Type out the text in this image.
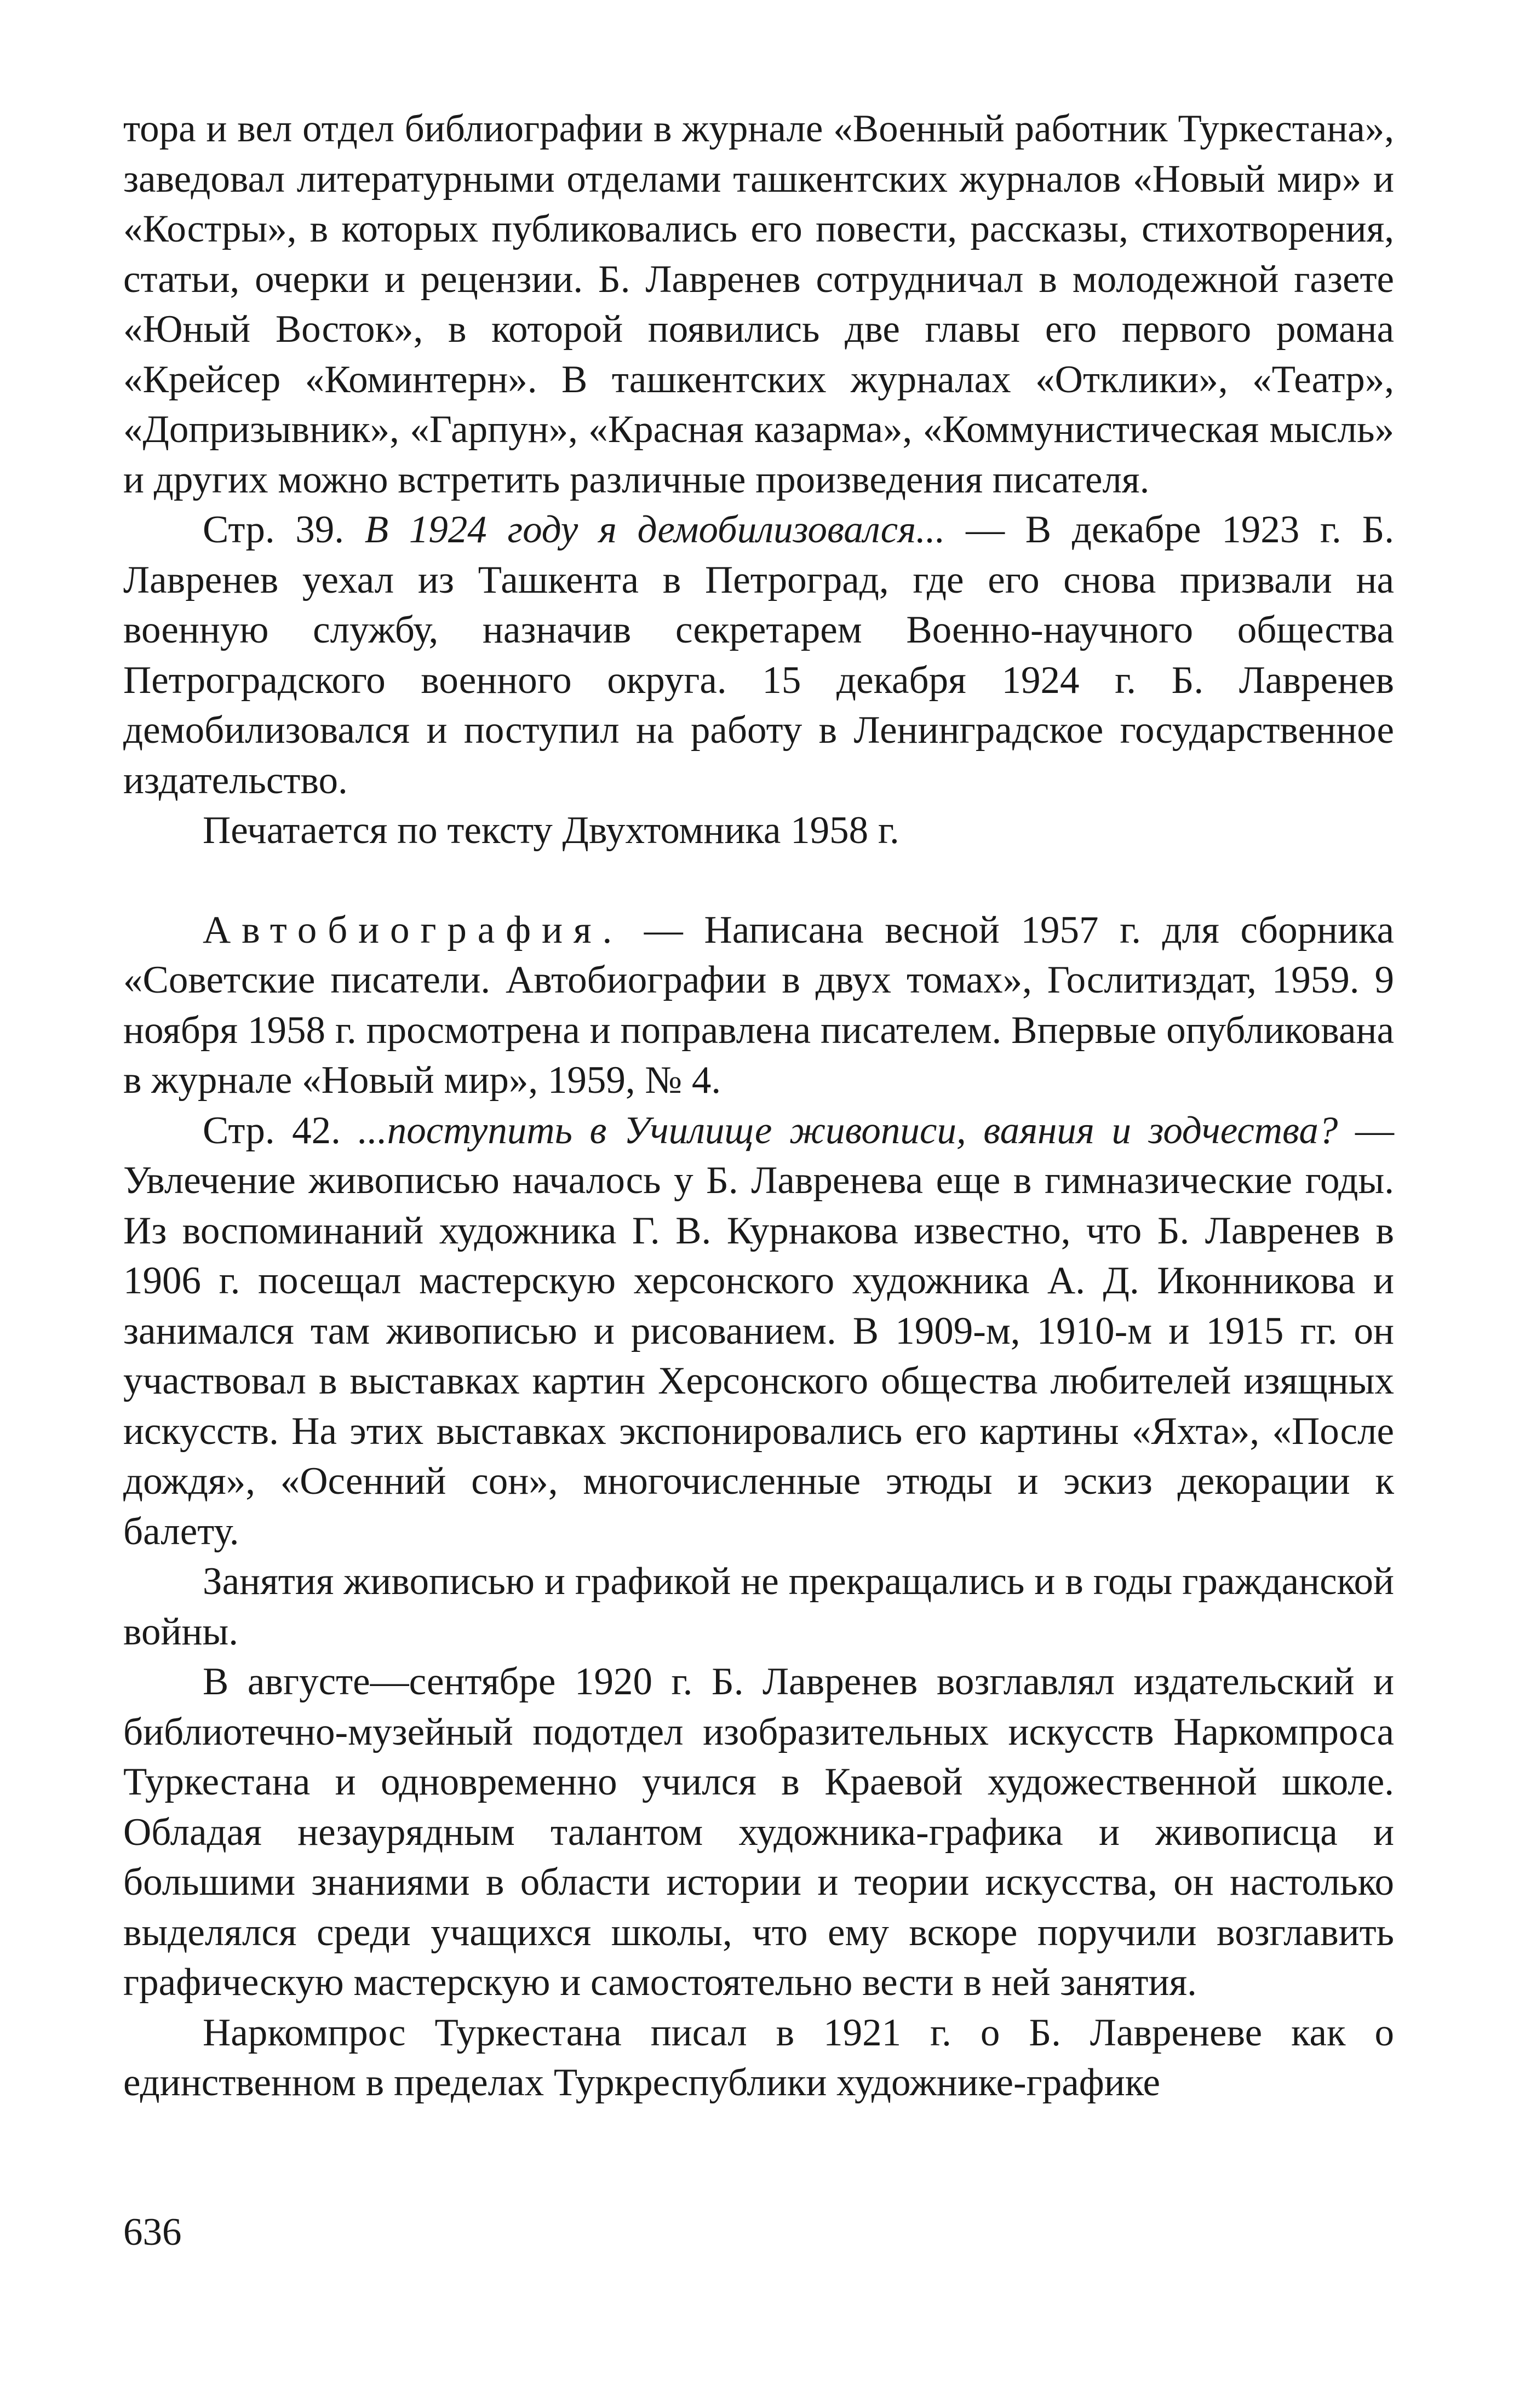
тора и вел отдел библиографии в журнале «Военный работник Туркестана», заведовал литературными отделами ташкентских журналов «Новый мир» и «Костры», в которых публиковались его повести, рассказы, стихотворения, статьи, очерки и рецензии. Б. Лавренев сотрудничал в молодежной газете «Юный Восток», в которой появились две главы его первого романа «Крейсер «Коминтерн». В ташкентских журналах «Отклики», «Театр», «Допризывник», «Гарпун», «Красная казарма», «Коммунистическая мысль» и других можно встретить различные произведения писателя.

Стр. 39. В 1924 году я демобилизовался... — В декабре 1923 г. Б. Лавренев уехал из Ташкента в Петроград, где его снова призвали на военную службу, назначив секретарем Военно-научного общества Петроградского военного округа. 15 декабря 1924 г. Б. Лавренев демобилизовался и поступил на работу в Ленинградское государственное издательство.

Печатается по тексту Двухтомника 1958 г.

Автобиография. — Написана весной 1957 г. для сборника «Советские писатели. Автобиографии в двух томах», Гослитиздат, 1959. 9 ноября 1958 г. просмотрена и поправлена писателем. Впервые опубликована в журнале «Новый мир», 1959, № 4.

Стр. 42. ...поступить в Училище живописи, ваяния и зодчества? — Увлечение живописью началось у Б. Лавренева еще в гимназические годы. Из воспоминаний художника Г. В. Курнакова известно, что Б. Лавренев в 1906 г. посещал мастерскую херсонского художника А. Д. Иконникова и занимался там живописью и рисованием. В 1909-м, 1910-м и 1915 гг. он участвовал в выставках картин Херсонского общества любителей изящных искусств. На этих выставках экспонировались его картины «Яхта», «После дождя», «Осенний сон», многочисленные этюды и эскиз декорации к балету.

Занятия живописью и графикой не прекращались и в годы гражданской войны.

В августе—сентябре 1920 г. Б. Лавренев возглавлял издательский и библиотечно-музейный подотдел изобразительных искусств Наркомпроса Туркестана и одновременно учился в Краевой художественной школе. Обладая незаурядным талантом художника-графика и живописца и большими знаниями в области истории и теории искусства, он настолько выделялся среди учащихся школы, что ему вскоре поручили возглавить графическую мастерскую и самостоятельно вести в ней занятия.

Наркомпрос Туркестана писал в 1921 г. о Б. Лавреневе как о единственном в пределах Туркреспублики художнике-графике

636
